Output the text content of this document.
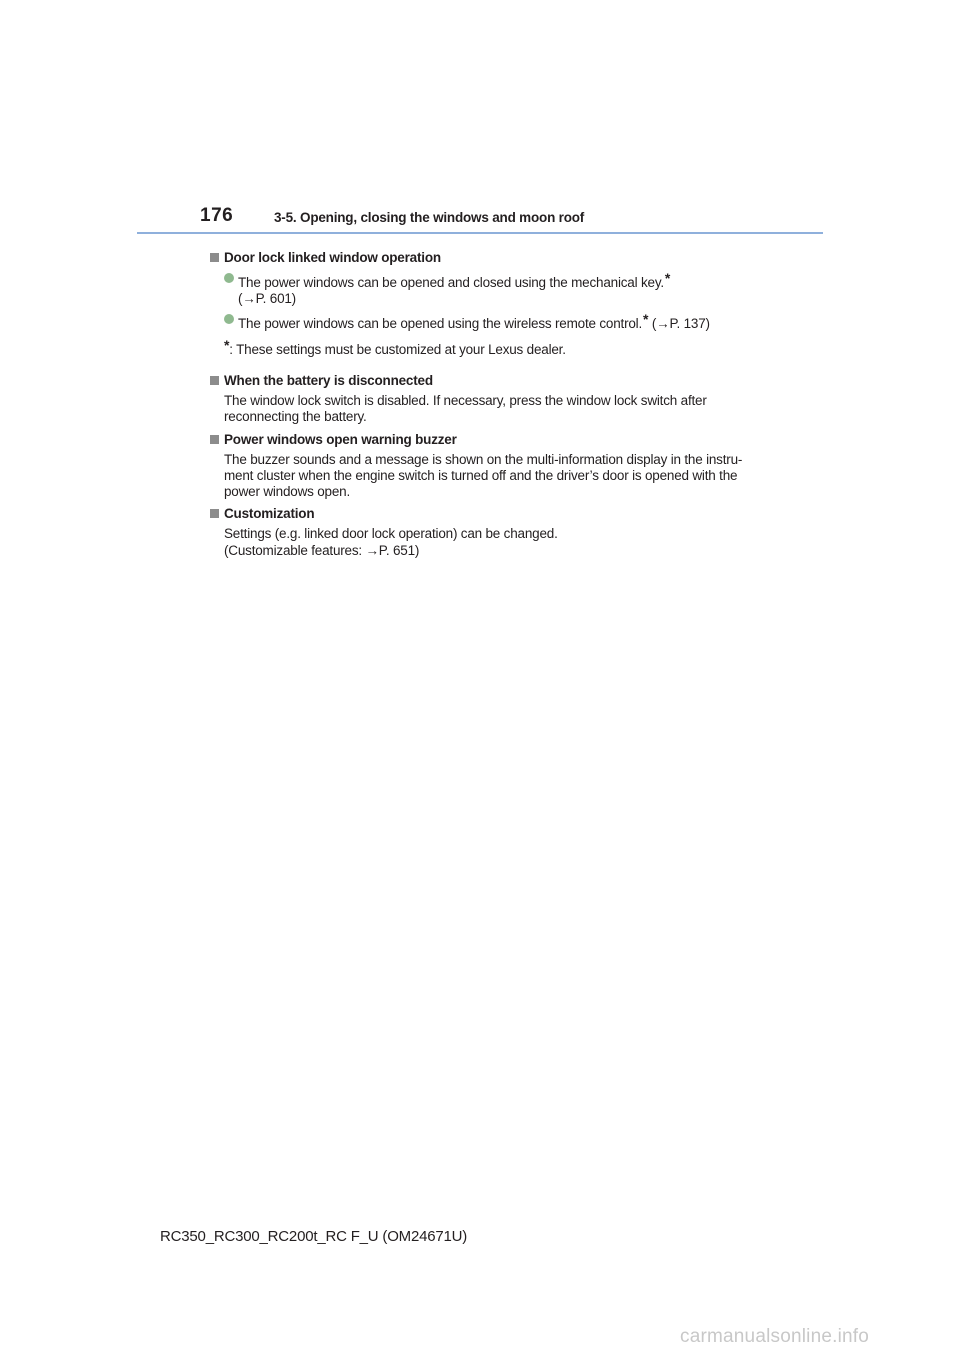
176	3-5. Opening, closing the windows and moon roof

Door lock linked window operation

The power windows can be opened and closed using the mechanical key.*
(→P. 601)

The power windows can be opened using the wireless remote control.* (→P. 137)

*: These settings must be customized at your Lexus dealer.

When the battery is disconnected

The window lock switch is disabled. If necessary, press the window lock switch after
reconnecting the battery.

Power windows open warning buzzer

The buzzer sounds and a message is shown on the multi-information display in the instru-
ment cluster when the engine switch is turned off and the driver’s door is opened with the
power windows open.

Customization

Settings (e.g. linked door lock operation) can be changed.
(Customizable features: →P. 651)

RC350_RC300_RC200t_RC F_U (OM24671U)
carmanualsonline.info
